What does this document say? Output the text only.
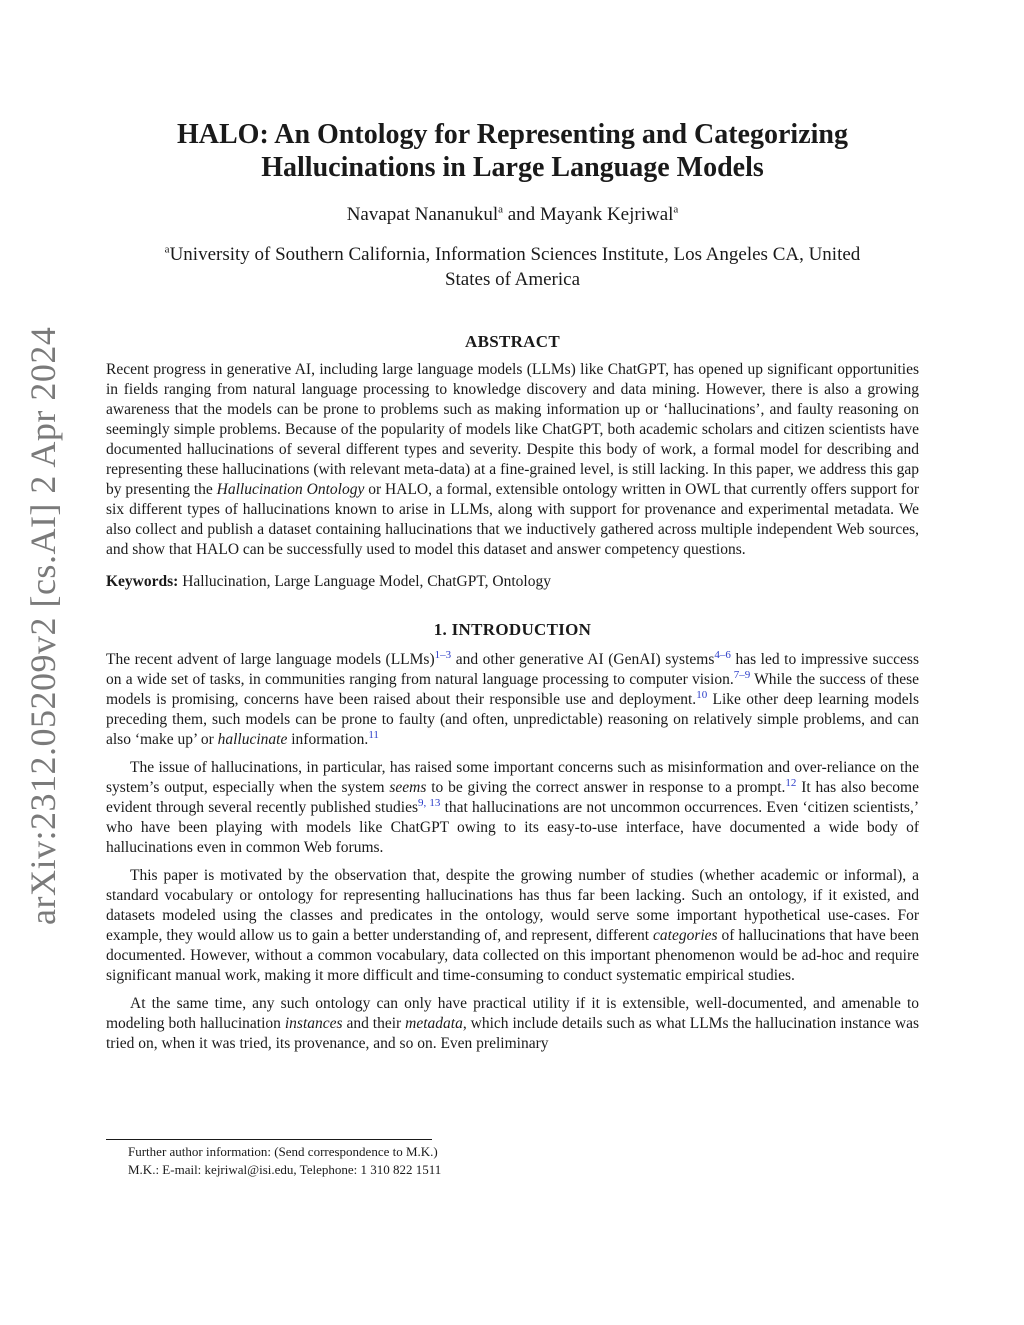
arXiv:2312.05209v2 [cs.AI] 2 Apr 2024
HALO: An Ontology for Representing and Categorizing
Hallucinations in Large Language Models
Navapat Nananukul$^a$ and Mayank Kejriwal$^a$
$^a$University of Southern California, Information Sciences Institute, Los Angeles CA, United
States of America
ABSTRACT

Recent progress in generative AI, including large language models (LLMs) like ChatGPT, has opened up significant opportunities in fields ranging from natural language processing to knowledge discovery and data mining. However, there is also a growing awareness that the models can be prone to problems such as making information up or ‘hallucinations’, and faulty reasoning on seemingly simple problems. Because of the popularity of models like ChatGPT, both academic scholars and citizen scientists have documented hallucinations of several different types and severity. Despite this body of work, a formal model for describing and representing these hallucinations (with relevant meta-data) at a fine-grained level, is still lacking. In this paper, we address this gap by presenting the Hallucination Ontology or HALO, a formal, extensible ontology written in OWL that currently offers support for six different types of hallucinations known to arise in LLMs, along with support for provenance and experimental metadata. We also collect and publish a dataset containing hallucinations that we inductively gathered across multiple independent Web sources, and show that HALO can be successfully used to model this dataset and answer competency questions.

Keywords: Hallucination, Large Language Model, ChatGPT, Ontology

1. INTRODUCTION

The recent advent of large language models (LLMs)$^{1-3}$ and other generative AI (GenAI) systems$^{4-6}$ has led to impressive success on a wide set of tasks, in communities ranging from natural language processing to computer vision.$^{7-9}$ While the success of these models is promising, concerns have been raised about their responsible use and deployment.$^{10}$ Like other deep learning models preceding them, such models can be prone to faulty (and often, unpredictable) reasoning on relatively simple problems, and can also ‘make up’ or hallucinate information.$^{11}$

The issue of hallucinations, in particular, has raised some important concerns such as misinformation and over-reliance on the system’s output, especially when the system seems to be giving the correct answer in response to a prompt.$^{12}$ It has also become evident through several recently published studies$^{9, 13}$ that hallucinations are not uncommon occurrences. Even ‘citizen scientists,’ who have been playing with models like ChatGPT owing to its easy-to-use interface, have documented a wide body of hallucinations even in common Web forums.

This paper is motivated by the observation that, despite the growing number of studies (whether academic or informal), a standard vocabulary or ontology for representing hallucinations has thus far been lacking. Such an ontology, if it existed, and datasets modeled using the classes and predicates in the ontology, would serve some important hypothetical use-cases. For example, they would allow us to gain a better understanding of, and represent, different categories of hallucinations that have been documented. However, without a common vocabulary, data collected on this important phenomenon would be ad-hoc and require significant manual work, making it more difficult and time-consuming to conduct systematic empirical studies.

At the same time, any such ontology can only have practical utility if it is extensible, well-documented, and amenable to modeling both hallucination instances and their metadata, which include details such as what LLMs the hallucination instance was tried on, when it was tried, its provenance, and so on. Even preliminary

Further author information: (Send correspondence to M.K.)
M.K.: E-mail: kejriwal@isi.edu, Telephone: 1 310 822 1511
